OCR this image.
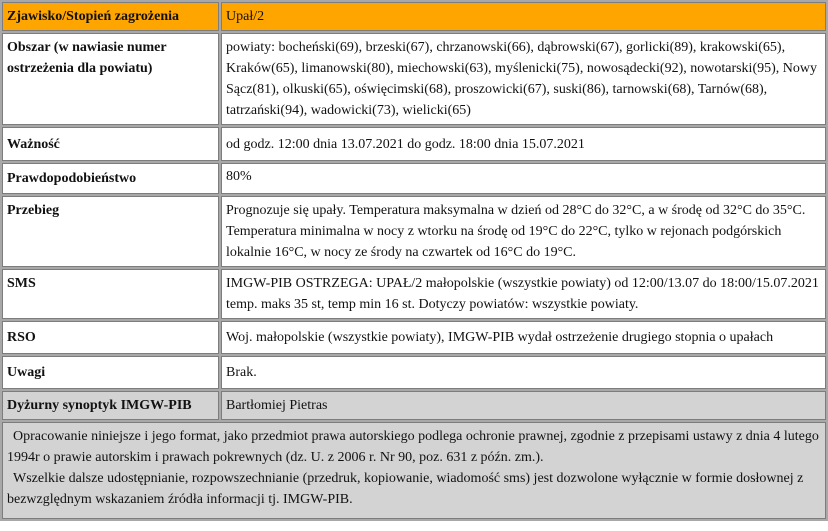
Zjawisko/Stopień zagrożenia	Upał/2
Obszar (w nawiasie numer ostrzeżenia dla powiatu)	powiaty: bocheński(69), brzeski(67), chrzanowski(66), dąbrowski(67), gorlicki(89), krakowski(65), Kraków(65), limanowski(80), miechowski(63), myślenicki(75), nowosądecki(92), nowotarski(95), Nowy Sącz(81), olkuski(65), oświęcimski(68), proszowicki(67), suski(86), tarnowski(68), Tarnów(68), tatrzański(94), wadowicki(73), wielicki(65)
Ważność	od godz. 12:00 dnia 13.07.2021 do godz. 18:00 dnia 15.07.2021
Prawdopodobieństwo	80%
Przebieg	Prognozuje się upały. Temperatura maksymalna w dzień od 28°C do 32°C, a w środę od 32°C do 35°C. Temperatura minimalna w nocy z wtorku na środę od 19°C do 22°C, tylko w rejonach podgórskich lokalnie 16°C, w nocy ze środy na czwartek od 16°C do 19°C.
SMS	IMGW-PIB OSTRZEGA: UPAŁ/2 małopolskie (wszystkie powiaty) od 12:00/13.07 do 18:00/15.07.2021 temp. maks 35 st, temp min 16 st. Dotyczy powiatów: wszystkie powiaty.
RSO	Woj. małopolskie (wszystkie powiaty), IMGW-PIB wydał ostrzeżenie drugiego stopnia o upałach
Uwagi	Brak.
Dyżurny synoptyk IMGW-PIB	Bartłomiej Pietras

Opracowanie niniejsze i jego format, jako przedmiot prawa autorskiego podlega ochronie prawnej, zgodnie z przepisami ustawy z dnia 4 lutego 1994r o prawie autorskim i prawach pokrewnych (dz. U. z 2006 r. Nr 90, poz. 631 z późn. zm.).
Wszelkie dalsze udostępnianie, rozpowszechnianie (przedruk, kopiowanie, wiadomość sms) jest dozwolone wyłącznie w formie dosłownej z bezwzględnym wskazaniem źródła informacji tj. IMGW-PIB.	
